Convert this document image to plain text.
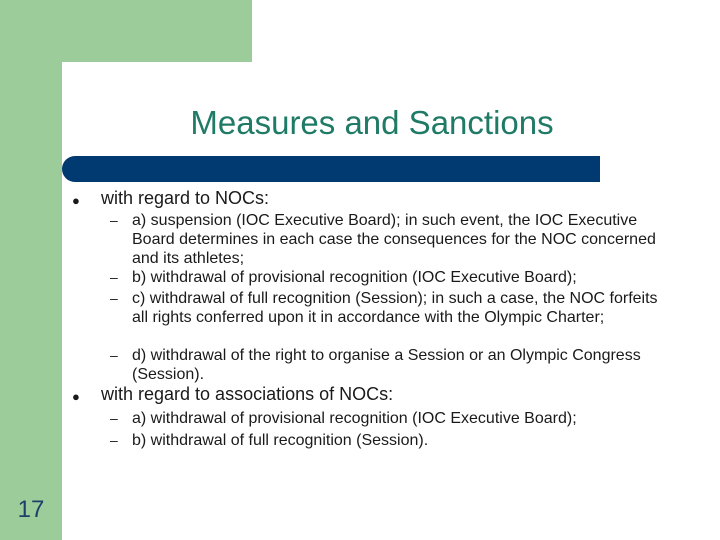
Measures and Sanctions
● with regard to NOCs:
– a) suspension (IOC Executive Board); in such event, the IOC Executive Board determines in each case the consequences for the NOC concerned and its athletes;
– b) withdrawal of provisional recognition (IOC Executive Board);
– c) withdrawal of full recognition (Session); in such a case, the NOC forfeits all rights conferred upon it in accordance with the Olympic Charter;
– d) withdrawal of the right to organise a Session or an Olympic Congress (Session).
● with regard to associations of NOCs:
– a) withdrawal of provisional recognition (IOC Executive Board);
– b) withdrawal of full recognition (Session).
17
